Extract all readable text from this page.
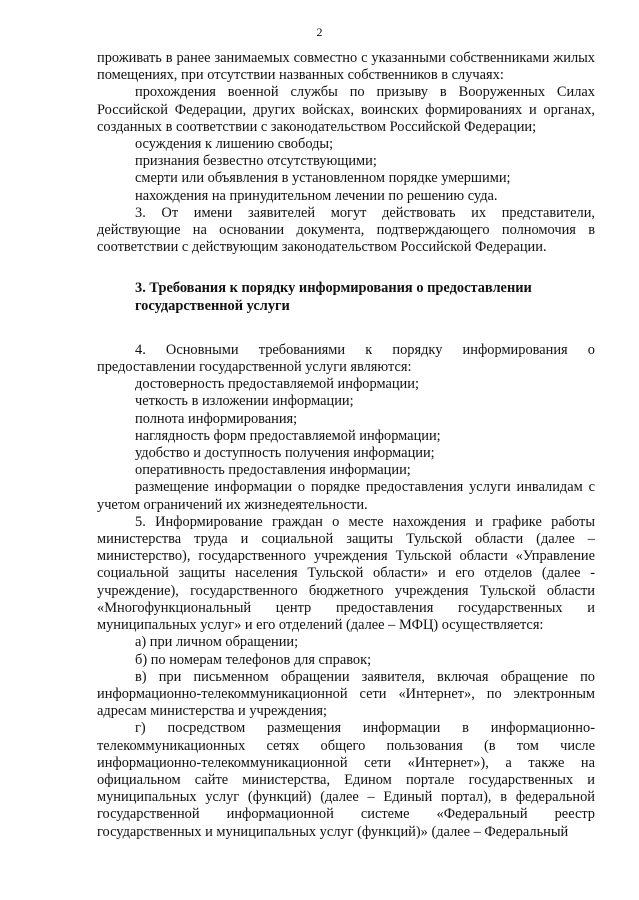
2

проживать в ранее занимаемых совместно с указанными собственниками жилых помещениях, при отсутствии названных собственников в случаях:

прохождения военной службы по призыву в Вооруженных Силах Российской Федерации, других войсках, воинских формированиях и органах, созданных в соответствии с законодательством Российской Федерации;

осуждения к лишению свободы;

признания безвестно отсутствующими;

смерти или объявления в установленном порядке умершими;

нахождения на принудительном лечении по решению суда.

3. От имени заявителей могут действовать их представители, действующие на основании документа, подтверждающего полномочия в соответствии с действующим законодательством Российской Федерации.

3. Требования к порядку информирования о предоставлении государственной услуги

4. Основными требованиями к порядку информирования о предоставлении государственной услуги являются:

достоверность предоставляемой информации;

четкость в изложении информации;

полнота информирования;

наглядность форм предоставляемой информации;

удобство и доступность получения информации;

оперативность предоставления информации;

размещение информации о порядке предоставления услуги инвалидам с учетом ограничений их жизнедеятельности.

5. Информирование граждан о месте нахождения и графике работы министерства труда и социальной защиты Тульской области (далее – министерство), государственного учреждения Тульской области «Управление социальной защиты населения Тульской области» и его отделов (далее - учреждение), государственного бюджетного учреждения Тульской области «Многофункциональный центр предоставления государственных и муниципальных услуг» и его отделений (далее – МФЦ) осуществляется:

а) при личном обращении;

б) по номерам телефонов для справок;

в) при письменном обращении заявителя, включая обращение по информационно-телекоммуникационной сети «Интернет», по электронным адресам министерства и учреждения;

г) посредством размещения информации в информационно-телекоммуникационных сетях общего пользования (в том числе информационно-телекоммуникационной сети «Интернет»), а также на официальном сайте министерства, Едином портале государственных и муниципальных услуг (функций) (далее – Единый портал), в федеральной государственной информационной системе «Федеральный реестр государственных и муниципальных услуг (функций)» (далее – Федеральный
